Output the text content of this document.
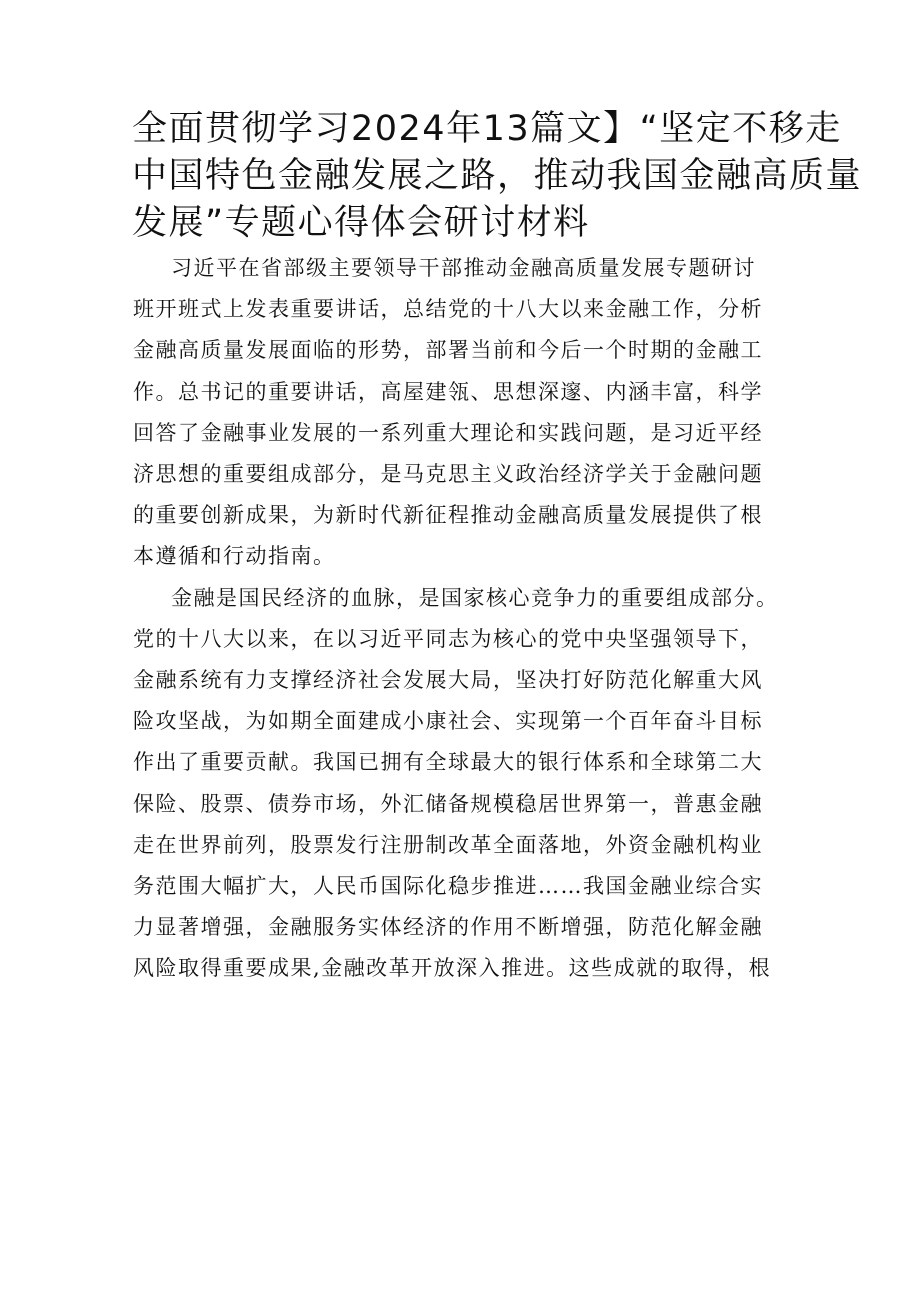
全面贯彻学习2024年13篇文】“坚定不移走
中国特色金融发展之路，推动我国金融高质量
发展”专题心得体会研讨材料

习近平在省部级主要领导干部推动金融高质量发展专题研讨
班开班式上发表重要讲话，总结党的十八大以来金融工作，分析
金融高质量发展面临的形势，部署当前和今后一个时期的金融工
作。总书记的重要讲话，高屋建瓴、思想深邃、内涵丰富，科学
回答了金融事业发展的一系列重大理论和实践问题，是习近平经
济思想的重要组成部分，是马克思主义政治经济学关于金融问题
的重要创新成果，为新时代新征程推动金融高质量发展提供了根
本遵循和行动指南。

金融是国民经济的血脉，是国家核心竞争力的重要组成部分。
党的十八大以来，在以习近平同志为核心的党中央坚强领导下，
金融系统有力支撑经济社会发展大局，坚决打好防范化解重大风
险攻坚战，为如期全面建成小康社会、实现第一个百年奋斗目标
作出了重要贡献。我国已拥有全球最大的银行体系和全球第二大
保险、股票、债券市场，外汇储备规模稳居世界第一，普惠金融
走在世界前列，股票发行注册制改革全面落地，外资金融机构业
务范围大幅扩大，人民币国际化稳步推进……我国金融业综合实
力显著增强，金融服务实体经济的作用不断增强，防范化解金融
风险取得重要成果,金融改革开放深入推进。这些成就的取得，根
